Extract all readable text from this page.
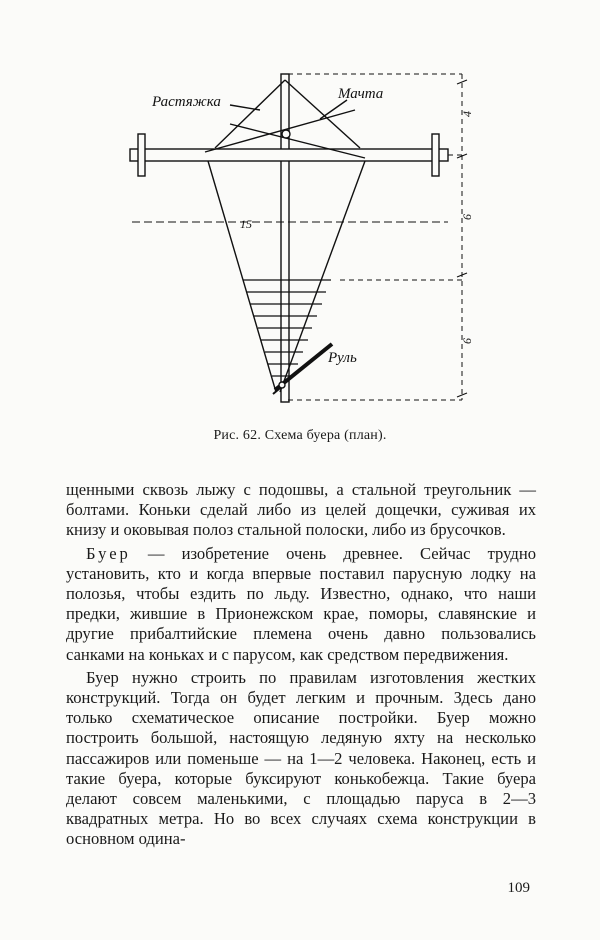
Растяжка	Мачта
Руль
15
4
6
6
Рис. 62. Схема буера (план).

щенными сквозь лыжу с подошвы, а стальной треугольник — болтами. Коньки сделай либо из целей дощечки, суживая их книзу и оковывая полоз стальной полоски, либо из брусочков.

Буер — изобретение очень древнее. Сейчас трудно установить, кто и когда впервые поставил парусную лодку на полозья, чтобы ездить по льду. Известно, однако, что наши предки, жившие в Прионежском крае, поморы, славянские и другие прибалтийские племена очень давно пользовались санками на коньках и с парусом, как средством передвижения.

Буер нужно строить по правилам изготовления жестких конструкций. Тогда он будет легким и прочным. Здесь дано только схематическое описание постройки. Буер можно построить большой, настоящую ледяную яхту на несколько пассажиров или поменьше — на 1—2 человека. Наконец, есть и такие буера, которые буксируют конькобежца. Такие буера делают совсем маленькими, с площадью паруса в 2—3 квадратных метра. Но во всех случаях схема конструкции в основном одина-

109
